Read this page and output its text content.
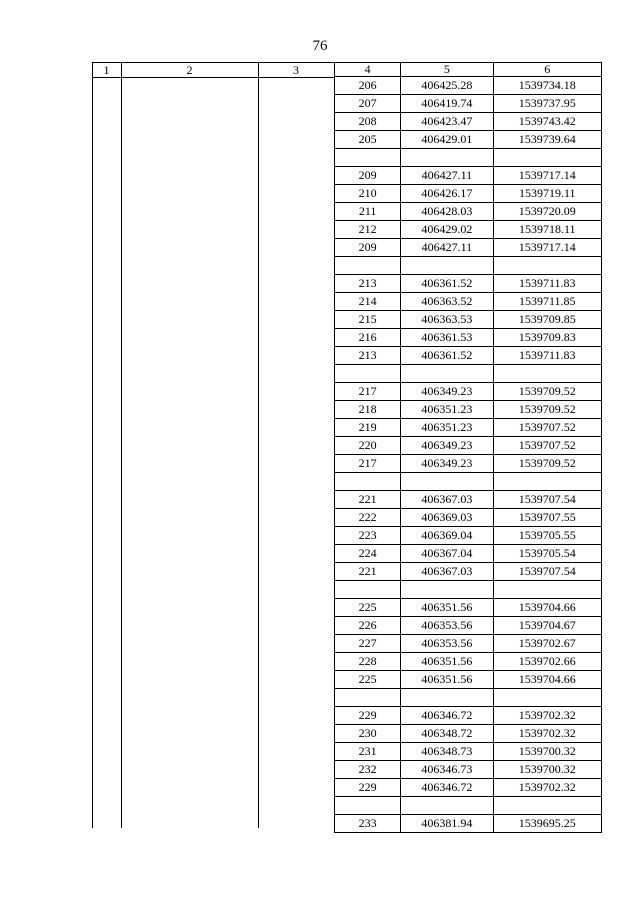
76
1	2	3	4	5	6
206	406425.28	1539734.18
207	406419.74	1539737.95
208	406423.47	1539743.42
205	406429.01	1539739.64

209	406427.11	1539717.14
210	406426.17	1539719.11
211	406428.03	1539720.09
212	406429.02	1539718.11
209	406427.11	1539717.14

213	406361.52	1539711.83
214	406363.52	1539711.85
215	406363.53	1539709.85
216	406361.53	1539709.83
213	406361.52	1539711.83

217	406349.23	1539709.52
218	406351.23	1539709.52
219	406351.23	1539707.52
220	406349.23	1539707.52
217	406349.23	1539709.52

221	406367.03	1539707.54
222	406369.03	1539707.55
223	406369.04	1539705.55
224	406367.04	1539705.54
221	406367.03	1539707.54

225	406351.56	1539704.66
226	406353.56	1539704.67
227	406353.56	1539702.67
228	406351.56	1539702.66
225	406351.56	1539704.66

229	406346.72	1539702.32
230	406348.72	1539702.32
231	406348.73	1539700.32
232	406346.73	1539700.32
229	406346.72	1539702.32

233	406381.94	1539695.25
